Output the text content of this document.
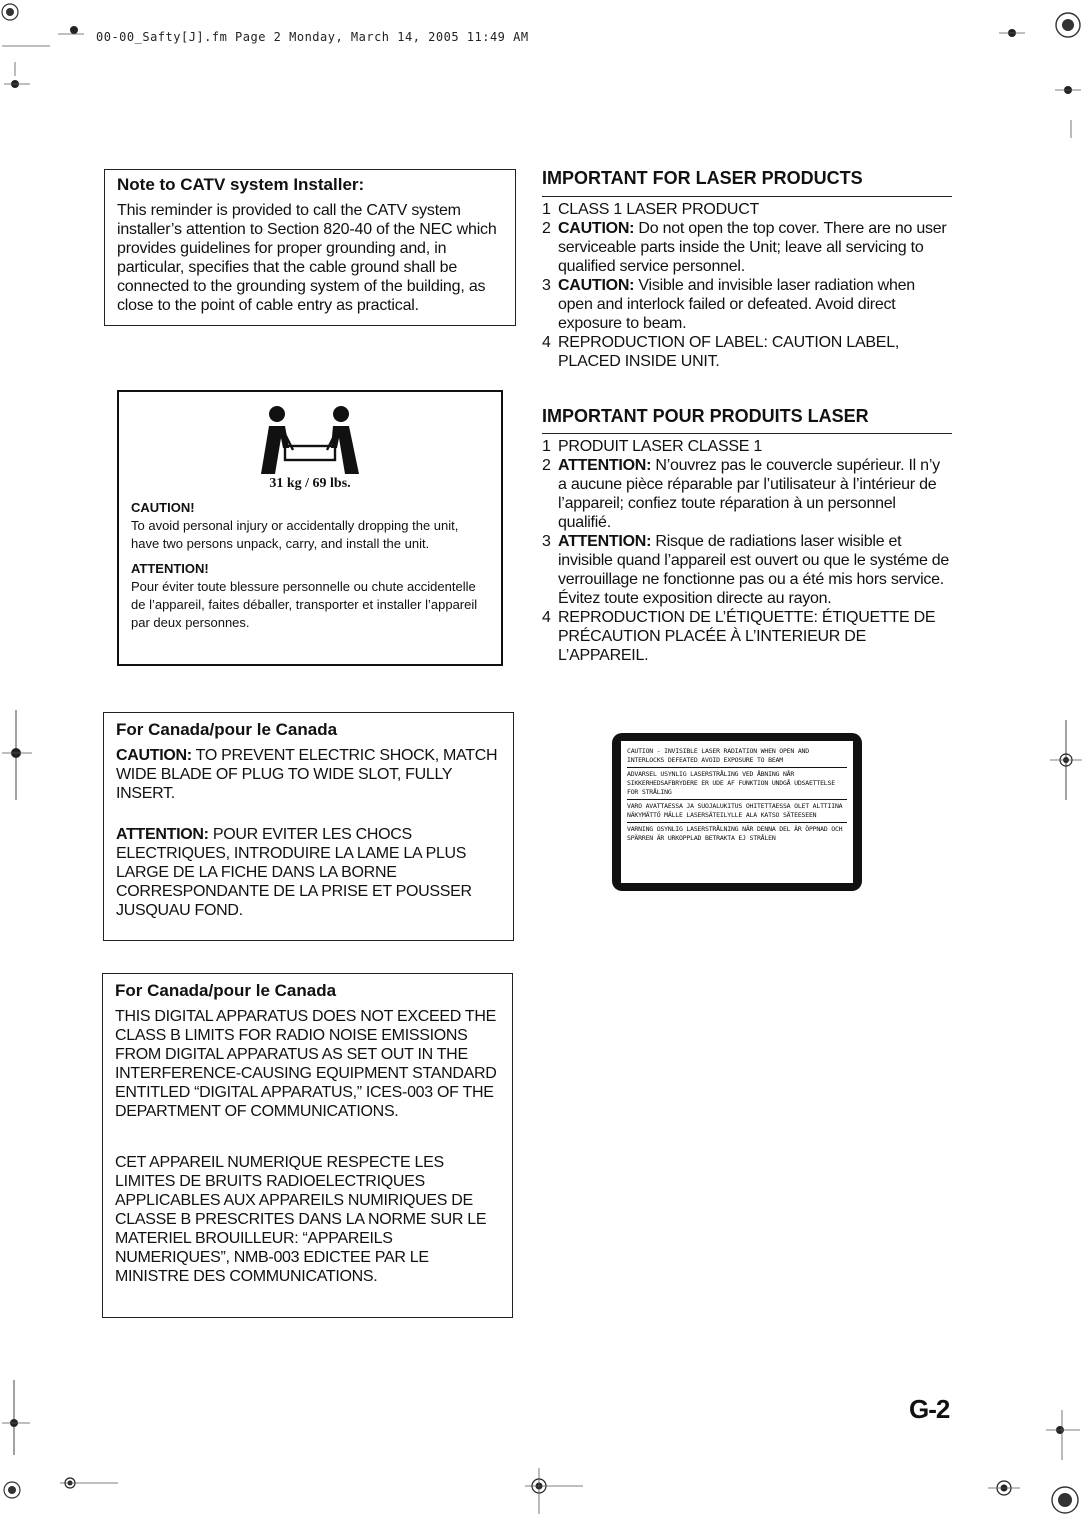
00-00_Safty[J].fm Page 2 Monday, March 14, 2005 11:49 AM

Note to CATV system Installer:

This reminder is provided to call the CATV system installer’s attention to Section 820-40 of the NEC which provides guidelines for proper grounding and, in particular, specifies that the cable ground shall be connected to the grounding system of the building, as close to the point of cable entry as practical.

31 kg / 69 lbs.

CAUTION!

To avoid personal injury or accidentally dropping the unit, have two persons unpack, carry, and install the unit.

ATTENTION!

Pour éviter toute blessure personnelle ou chute accidentelle de l’appareil, faites déballer, transporter et installer l’appareil par deux personnes.

For Canada/pour le Canada

CAUTION: TO PREVENT ELECTRIC SHOCK, MATCH WIDE BLADE OF PLUG TO WIDE SLOT, FULLY INSERT.

ATTENTION: POUR EVITER LES CHOCS ELECTRIQUES, INTRODUIRE LA LAME LA PLUS LARGE DE LA FICHE DANS LA BORNE CORRESPONDANTE DE LA PRISE ET POUSSER JUSQUAU FOND.

For Canada/pour le Canada

THIS DIGITAL APPARATUS DOES NOT EXCEED THE CLASS B LIMITS FOR RADIO NOISE EMISSIONS FROM DIGITAL APPARATUS AS SET OUT IN THE INTERFERENCE-CAUSING EQUIPMENT STANDARD ENTITLED “DIGITAL APPARATUS,” ICES-003 OF THE DEPARTMENT OF COMMUNICATIONS.

CET APPAREIL NUMERIQUE RESPECTE LES LIMITES DE BRUITS RADIOELECTRIQUES APPLICABLES AUX APPAREILS NUMIRIQUES DE CLASSE B PRESCRITES DANS LA NORME SUR LE MATERIEL BROUILLEUR: “APPAREILS NUMERIQUES”, NMB-003 EDICTEE PAR LE MINISTRE DES COMMUNICATIONS.

IMPORTANT FOR LASER PRODUCTS

1 CLASS 1 LASER PRODUCT
2 CAUTION: Do not open the top cover. There are no user serviceable parts inside the Unit; leave all servicing to qualified service personnel.
3 CAUTION: Visible and invisible laser radiation when open and interlock failed or defeated. Avoid direct exposure to beam.
4 REPRODUCTION OF LABEL: CAUTION LABEL, PLACED INSIDE UNIT.

IMPORTANT POUR PRODUITS LASER

1 PRODUIT LASER CLASSE 1
2 ATTENTION: N’ouvrez pas le couvercle supérieur. Il n’y a aucune pièce réparable par l’utilisateur à l’intérieur de l’appareil; confiez toute réparation à un personnel qualifié.
3 ATTENTION: Risque de radiations laser wisible et invisible quand l’appareil est ouvert ou que le systéme de verrouillage ne fonctionne pas ou a été mis hors service. Évitez toute exposition directe au rayon.
4 REPRODUCTION DE L’ÉTIQUETTE: ÉTIQUETTE DE PRÉCAUTION PLACÉE À L’INTERIEUR DE L’APPAREIL.
CAUTION - INVISIBLE LASER RADIATION WHEN OPEN AND INTERLOCKS DEFEATED AVOID EXPOSURE TO BEAM
ADVARSEL USYNLIG LASERSTRÅLING VED ÅBNING NÅR SIKKERHEDSAFBRYDERE ER UDE AF FUNKTION UNDGÅ UDSAETTELSE FOR STRÅLING
VARO AVATTAESSA JA SUOJALUKITUS OHITETTAESSA OLET ALTTIINA NÄKYMÄTTÖ MÄLLE LASERSÄTEILYLLE ALA KATSO SÄTEESEEN
VARNING OSYNLIG LASERSTRÅLNING NÄR DENNA DEL ÄR ÖPPNAD OCH SPÄRREN ÄR URKOPPLAD BETRAKTA EJ STRÅLEN
G-2
